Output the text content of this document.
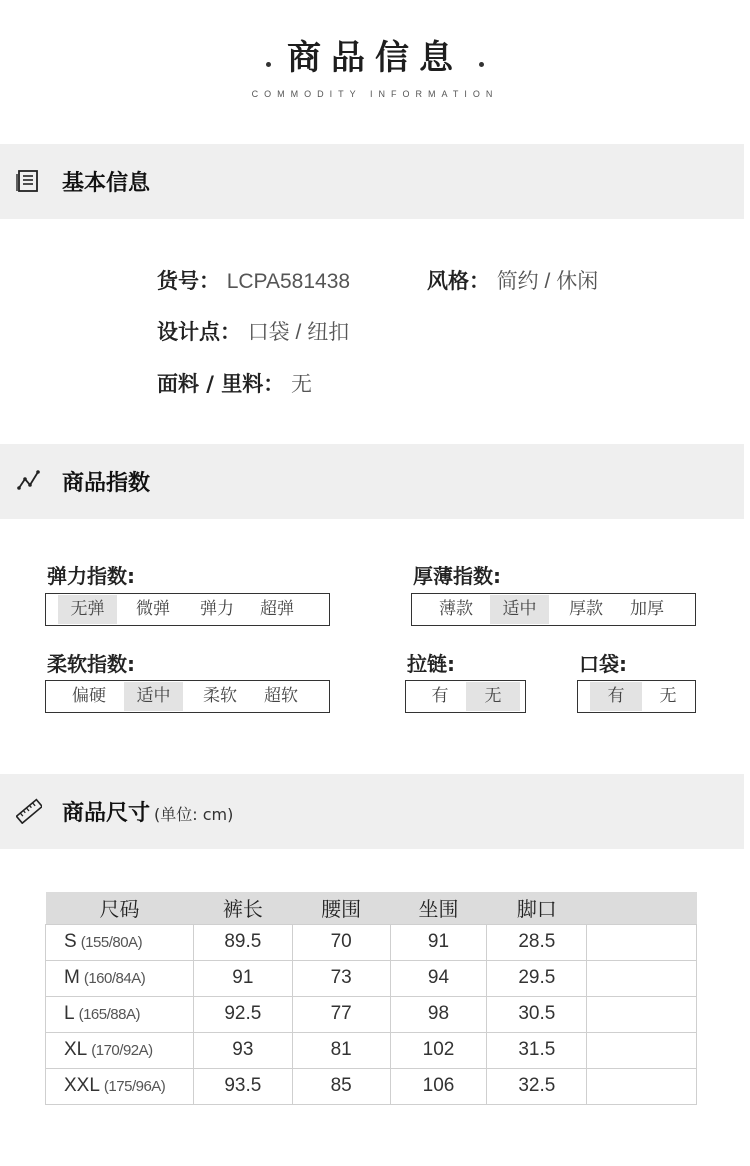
商品信息
COMMODITY INFORMATION
基本信息
货号： LCPA581438	风格： 简约 / 休闲
设计点： 口袋 / 纽扣
面料 / 里料： 无
商品指数
弹力指数:
无弹	微弹	弹力	超弹
厚薄指数:
薄款	适中	厚款	加厚
柔软指数:
偏硬	适中	柔软	超软
拉链:
有	无
口袋:
有	无
商品尺寸 (单位: cm)
尺码	裤长	腰围	坐围	脚口	
S (155/80A)	89.5	70	91	28.5	
M (160/84A)	91	73	94	29.5	
L (165/88A)	92.5	77	98	30.5	
XL (170/92A)	93	81	102	31.5	
XXL (175/96A)	93.5	85	106	32.5	
